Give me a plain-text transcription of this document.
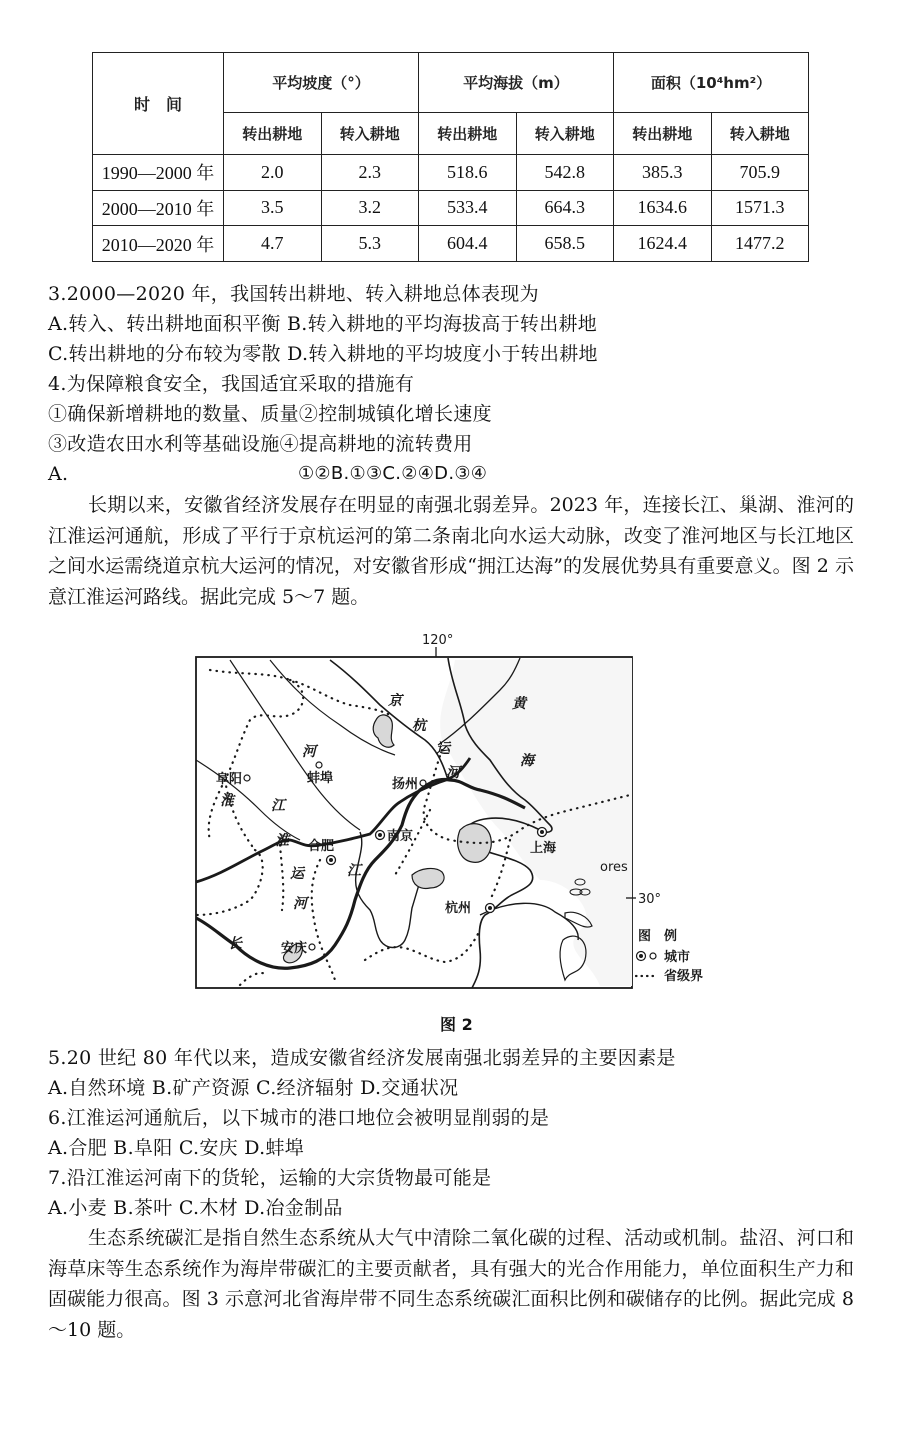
时　间	平均坡度（°）		平均海拔（m）		面积（10⁴hm²）	
	转出耕地	转入耕地	转出耕地	转入耕地	转出耕地	转入耕地
1990—2000 年	2.0	2.3	518.6	542.8	385.3	705.9
2000—2010 年	3.5	3.2	533.4	664.3	1634.6	1571.3
2010—2020 年	4.7	5.3	604.4	658.5	1624.4	1477.2
3.2000—2020 年，我国转出耕地、转入耕地总体表现为
A.转入、转出耕地面积平衡 B.转入耕地的平均海拔高于转出耕地
C.转出耕地的分布较为零散 D.转入耕地的平均坡度小于转出耕地
4.为保障粮食安全，我国适宜采取的措施有
①确保新增耕地的数量、质量②控制城镇化增长速度
③改造农田水利等基础设施④提高耕地的流转费用
A.	①②B.①③C.②④D.③④
长期以来，安徽省经济发展存在明显的南强北弱差异。2023 年，连接长江、巢湖、淮河的江淮运河通航，形成了平行于京杭运河的第二条南北向水运大动脉，改变了淮河地区与长江地区之间水运需绕道京杭大运河的情况，对安徽省形成“拥江达海”的发展优势具有重要意义。图 2 示意江淮运河路线。据此完成 5～7 题。
120°
30°
ores
南京
上海
合肥
杭州
阜阳	蚌埠	扬州
安庆
京
杭
运
河
淮
河
江
淮
运
河
长
江
黄
海
图　例
城市
省级界
图 2
5.20 世纪 80 年代以来，造成安徽省经济发展南强北弱差异的主要因素是
A.自然环境 B.矿产资源 C.经济辐射 D.交通状况
6.江淮运河通航后，以下城市的港口地位会被明显削弱的是
A.合肥 B.阜阳 C.安庆 D.蚌埠
7.沿江淮运河南下的货轮，运输的大宗货物最可能是
A.小麦 B.茶叶 C.木材 D.冶金制品
生态系统碳汇是指自然生态系统从大气中清除二氧化碳的过程、活动或机制。盐沼、河口和海草床等生态系统作为海岸带碳汇的主要贡献者，具有强大的光合作用能力，单位面积生产力和固碳能力很高。图 3 示意河北省海岸带不同生态系统碳汇面积比例和碳储存的比例。据此完成 8～10 题。
